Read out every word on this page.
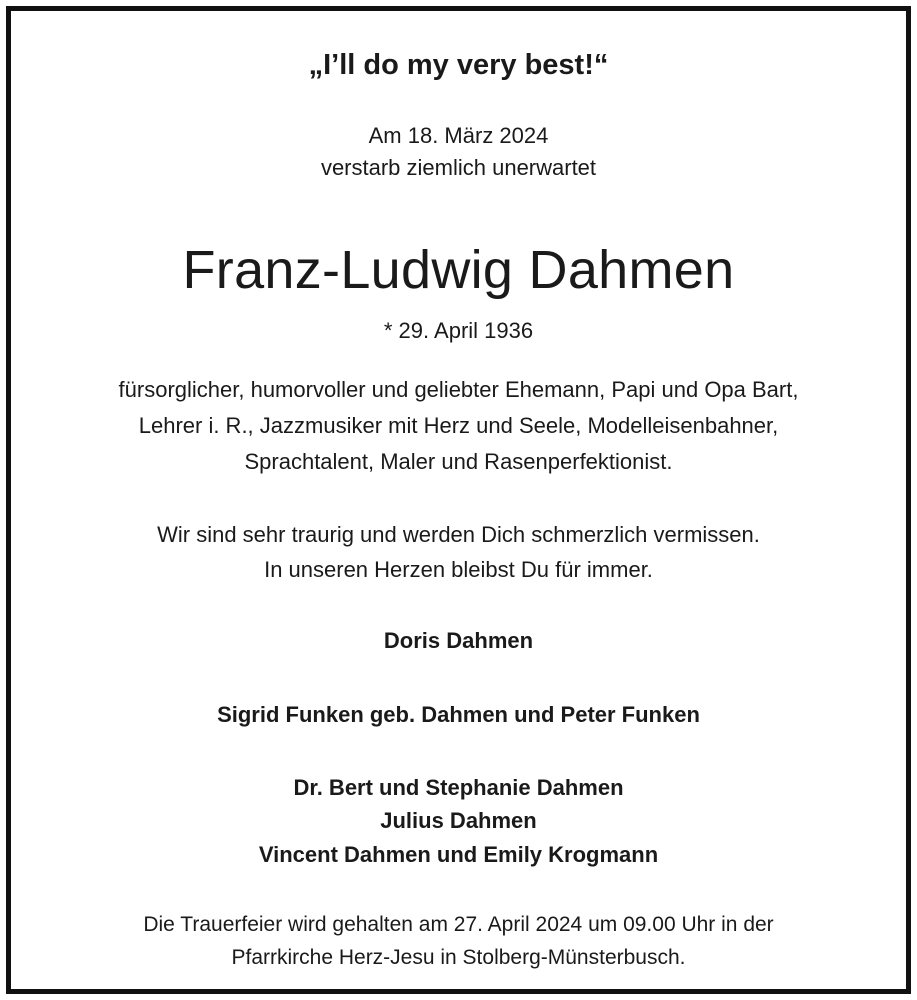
„I’ll do my very best!“
Am 18. März 2024
verstarb ziemlich unerwartet
Franz-Ludwig Dahmen
* 29. April 1936
fürsorglicher, humorvoller und geliebter Ehemann, Papi und Opa Bart,
Lehrer i. R., Jazzmusiker mit Herz und Seele, Modelleisenbahner,
Sprachtalent, Maler und Rasenperfektionist.
Wir sind sehr traurig und werden Dich schmerzlich vermissen.
In unseren Herzen bleibst Du für immer.
Doris Dahmen
Sigrid Funken geb. Dahmen und Peter Funken
Dr. Bert und Stephanie Dahmen
Julius Dahmen
Vincent Dahmen und Emily Krogmann
Die Trauerfeier wird gehalten am 27. April 2024 um 09.00 Uhr in der
Pfarrkirche Herz-Jesu in Stolberg-Münsterbusch.
